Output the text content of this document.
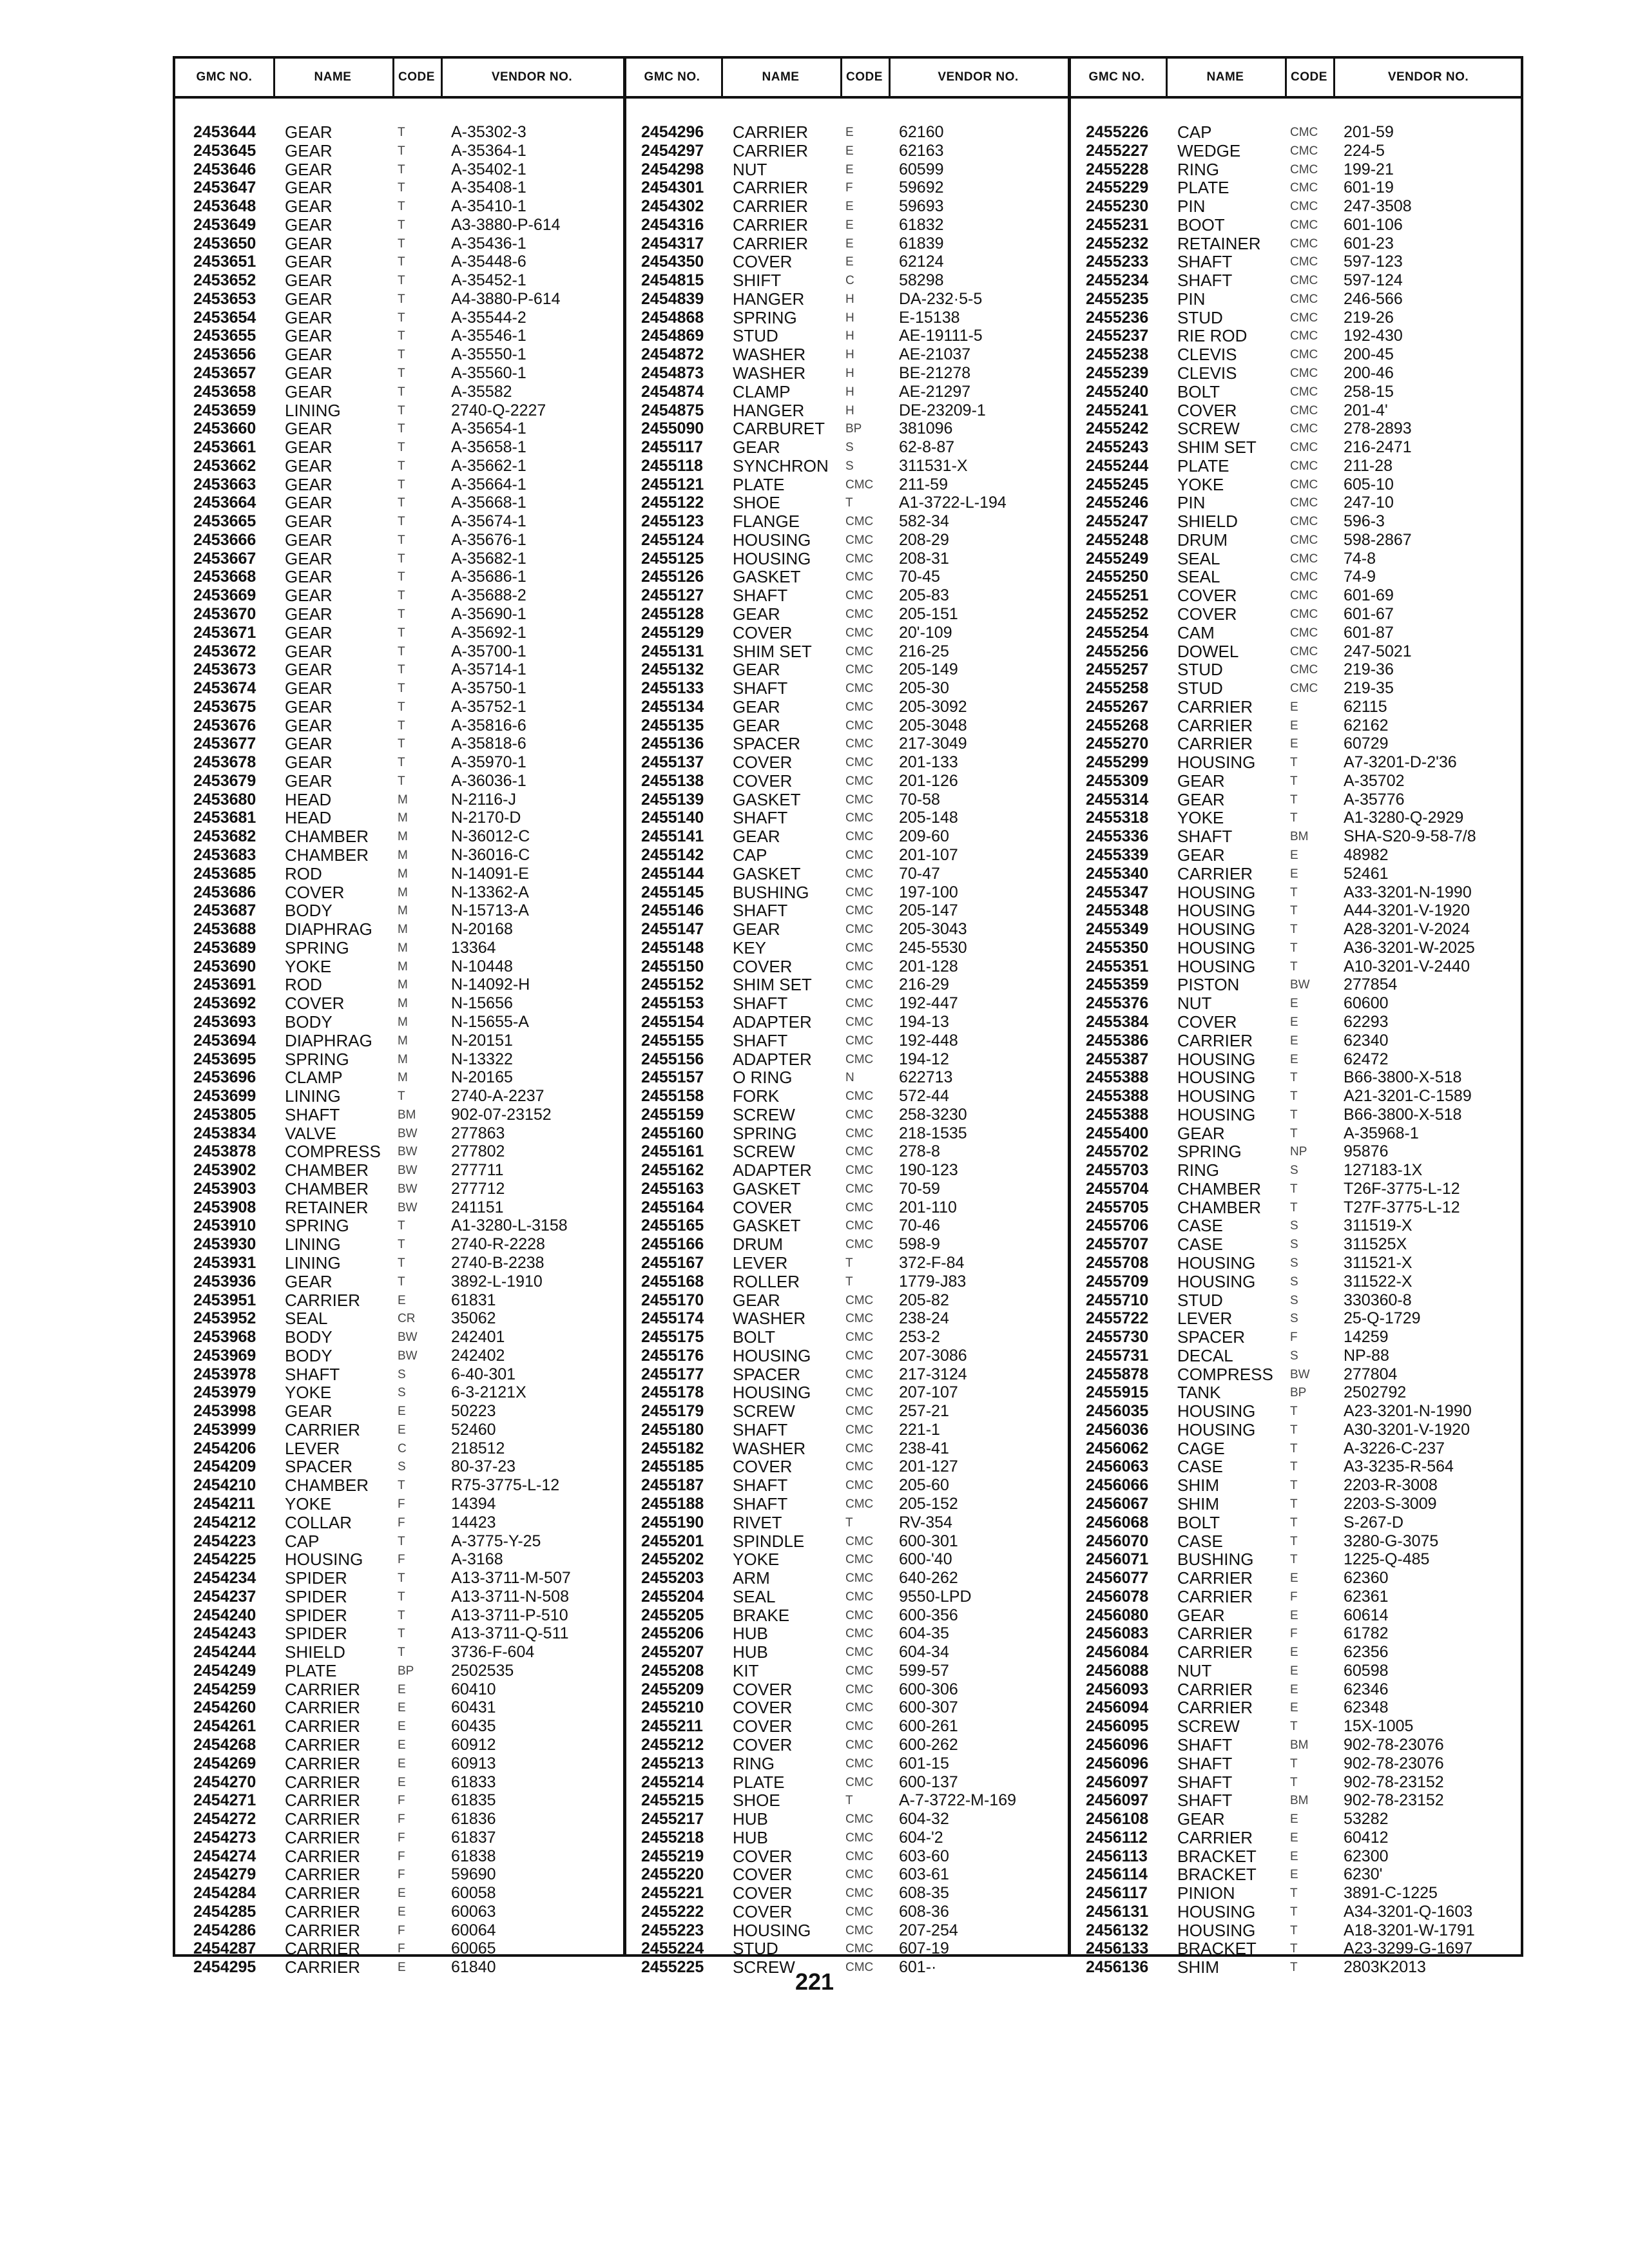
GMC NO.	NAME	CODE	VENDOR NO.	GMC NO.	NAME	CODE	VENDOR NO.	GMC NO.	NAME	CODE	VENDOR NO.
2453644 GEAR	T	A-35302-3
2453645 GEAR	T	A-35364-1
2453646 GEAR	T	A-35402-1
2453647 GEAR	T	A-35408-1
2453648 GEAR	T	A-35410-1
2453649 GEAR	T	A3-3880-P-614
2453650 GEAR	T	A-35436-1
2453651 GEAR	T	A-35448-6
2453652 GEAR	T	A-35452-1
2453653 GEAR	T	A4-3880-P-614
2453654 GEAR	T	A-35544-2
2453655 GEAR	T	A-35546-1
2453656 GEAR	T	A-35550-1
2453657 GEAR	T	A-35560-1
2453658 GEAR	T	A-35582
2453659 LINING	T	2740-Q-2227
2453660 GEAR	T	A-35654-1
2453661 GEAR	T	A-35658-1
2453662 GEAR	T	A-35662-1
2453663 GEAR	T	A-35664-1
2453664 GEAR	T	A-35668-1
2453665 GEAR	T	A-35674-1
2453666 GEAR	T	A-35676-1
2453667 GEAR	T	A-35682-1
2453668 GEAR	T	A-35686-1
2453669 GEAR	T	A-35688-2
2453670 GEAR	T	A-35690-1
2453671 GEAR	T	A-35692-1
2453672 GEAR	T	A-35700-1
2453673 GEAR	T	A-35714-1
2453674 GEAR	T	A-35750-1
2453675 GEAR	T	A-35752-1
2453676 GEAR	T	A-35816-6
2453677 GEAR	T	A-35818-6
2453678 GEAR	T	A-35970-1
2453679 GEAR	T	A-36036-1
2453680 HEAD	M	N-2116-J
2453681 HEAD	M	N-2170-D
2453682 CHAMBER M	N-36012-C
2453683 CHAMBER M	N-36016-C
2453685 ROD	M	N-14091-E
2453686 COVER	M	N-13362-A
2453687 BODY	M	N-15713-A
2453688 DIAPHRAG M	N-20168
2453689 SPRING	M	13364
2453690 YOKE	M	N-10448
2453691 ROD	M	N-14092-H
2453692 COVER	M	N-15656
2453693 BODY	M	N-15655-A
2453694 DIAPHRAG M	N-20151
2453695 SPRING	M	N-13322
2453696 CLAMP	M	N-20165
2453699 LINING	T	2740-A-2237
2453805 SHAFT	BM 902-07-23152
2453834 VALVE	BW 277863
2453878 COMPRESS BW 277802
2453902 CHAMBER BW 277711
2453903 CHAMBER BW 277712
2453908 RETAINER BW 241151
2453910 SPRING	T	A1-3280-L-3158
2453930 LINING	T	2740-R-2228
2453931 LINING	T	2740-B-2238
2453936 GEAR	T	3892-L-1910
2453951 CARRIER	E	61831
2453952 SEAL	CR 35062
2453968 BODY	BW 242401
2453969 BODY	BW 242402
2453978 SHAFT	S	6-40-301
2453979 YOKE	S	6-3-2121X
2453998 GEAR	E	50223
2453999 CARRIER	E	52460
2454206 LEVER	C	218512
2454209 SPACER	S	80-37-23
2454210 CHAMBER T	R75-3775-L-12
2454211 YOKE	F	14394
2454212 COLLAR	F	14423
2454223 CAP	T	A-3775-Y-25
2454225 HOUSING	F	A-3168
2454234 SPIDER	T	A13-3711-M-507
2454237 SPIDER	T	A13-3711-N-508
2454240 SPIDER	T	A13-3711-P-510
2454243 SPIDER	T	A13-3711-Q-511
2454244 SHIELD	T	3736-F-604
2454249 PLATE	BP 2502535
2454259 CARRIER	E	60410
2454260 CARRIER	E	60431
2454261 CARRIER	E	60435
2454268 CARRIER	E	60912
2454269 CARRIER	E	60913
2454270 CARRIER	E	61833
2454271 CARRIER	F	61835
2454272 CARRIER	F	61836
2454273 CARRIER	F	61837
2454274 CARRIER	F	61838
2454279 CARRIER	F	59690
2454284 CARRIER	E	60058
2454285 CARRIER	E	60063
2454286 CARRIER	F	60064
2454287 CARRIER	F	60065
2454295 CARRIER	E	61840
2454296 CARRIER	E	62160
2454297 CARRIER	E	62163
2454298 NUT	E	60599
2454301 CARRIER	F	59692
2454302 CARRIER	E	59693
2454316 CARRIER	E	61832
2454317 CARRIER	E	61839
2454350 COVER	E	62124
2454815 SHIFT	C	58298
2454839 HANGER	H	DA-232·5-5
2454868 SPRING	H	E-15138
2454869 STUD	H	AE-19111-5
2454872 WASHER	H	AE-21037
2454873 WASHER	H	BE-21278
2454874 CLAMP	H	AE-21297
2454875 HANGER	H	DE-23209-1
2455090 CARBURET BP 381096
2455117 GEAR	S	62-8-87
2455118 SYNCHRON S	311531-X
2455121 PLATE	CMC 211-59
2455122 SHOE	T	A1-3722-L-194
2455123 FLANGE	CMC 582-34
2455124 HOUSING	CMC 208-29
2455125 HOUSING	CMC 208-31
2455126 GASKET	CMC 70-45
2455127 SHAFT	CMC 205-83
2455128 GEAR	CMC 205-151
2455129 COVER	CMC 20'-109
2455131 SHIM SET	CMC 216-25
2455132 GEAR	CMC 205-149
2455133 SHAFT	CMC 205-30
2455134 GEAR	CMC 205-3092
2455135 GEAR	CMC 205-3048
2455136 SPACER	CMC 217-3049
2455137 COVER	CMC 201-133
2455138 COVER	CMC 201-126
2455139 GASKET	CMC 70-58
2455140 SHAFT	CMC 205-148
2455141 GEAR	CMC 209-60
2455142 CAP	CMC 201-107
2455144 GASKET	CMC 70-47
2455145 BUSHING	CMC 197-100
2455146 SHAFT	CMC 205-147
2455147 GEAR	CMC 205-3043
2455148 KEY	CMC 245-5530
2455150 COVER	CMC 201-128
2455152 SHIM SET	CMC 216-29
2455153 SHAFT	CMC 192-447
2455154 ADAPTER	CMC 194-13
2455155 SHAFT	CMC 192-448
2455156 ADAPTER	CMC 194-12
2455157 O RING	N	622713
2455158 FORK	CMC 572-44
2455159 SCREW	CMC 258-3230
2455160 SPRING	CMC 218-1535
2455161 SCREW	CMC 278-8
2455162 ADAPTER	CMC 190-123
2455163 GASKET	CMC 70-59
2455164 COVER	CMC 201-110
2455165 GASKET	CMC 70-46
2455166 DRUM	CMC 598-9
2455167 LEVER	T	372-F-84
2455168 ROLLER	T	1779-J83
2455170 GEAR	CMC 205-82
2455174 WASHER	CMC 238-24
2455175 BOLT	CMC 253-2
2455176 HOUSING	CMC 207-3086
2455177 SPACER	CMC 217-3124
2455178 HOUSING	CMC 207-107
2455179 SCREW	CMC 257-21
2455180 SHAFT	CMC 221-1
2455182 WASHER	CMC 238-41
2455185 COVER	CMC 201-127
2455187 SHAFT	CMC 205-60
2455188 SHAFT	CMC 205-152
2455190 RIVET	T	RV-354
2455201 SPINDLE	CMC 600-301
2455202 YOKE	CMC 600-'40
2455203 ARM	CMC 640-262
2455204 SEAL	CMC 9550-LPD
2455205 BRAKE	CMC 600-356
2455206 HUB	CMC 604-35
2455207 HUB	CMC 604-34
2455208 KIT	CMC 599-57
2455209 COVER	CMC 600-306
2455210 COVER	CMC 600-307
2455211 COVER	CMC 600-261
2455212 COVER	CMC 600-262
2455213 RING	CMC 601-15
2455214 PLATE	CMC 600-137
2455215 SHOE	T	A-7-3722-M-169
2455217 HUB	CMC 604-32
2455218 HUB	CMC 604-'2
2455219 COVER	CMC 603-60
2455220 COVER	CMC 603-61
2455221 COVER	CMC 608-35
2455222 COVER	CMC 608-36
2455223 HOUSING	CMC 207-254
2455224 STUD	CMC 607-19
2455225 SCREW	CMC 601-·
2455226 CAP	CMC 201-59
2455227 WEDGE	CMC 224-5
2455228 RING	CMC 199-21
2455229 PLATE	CMC 601-19
2455230 PIN	CMC 247-3508
2455231 BOOT	CMC 601-106
2455232 RETAINER CMC 601-23
2455233 SHAFT	CMC 597-123
2455234 SHAFT	CMC 597-124
2455235 PIN	CMC 246-566
2455236 STUD	CMC 219-26
2455237 RIE ROD	CMC 192-430
2455238 CLEVIS	CMC 200-45
2455239 CLEVIS	CMC 200-46
2455240 BOLT	CMC 258-15
2455241 COVER	CMC 201-4'
2455242 SCREW	CMC 278-2893
2455243 SHIM SET	CMC 216-2471
2455244 PLATE	CMC 211-28
2455245 YOKE	CMC 605-10
2455246 PIN	CMC 247-10
2455247 SHIELD	CMC 596-3
2455248 DRUM	CMC 598-2867
2455249 SEAL	CMC 74-8
2455250 SEAL	CMC 74-9
2455251 COVER	CMC 601-69
2455252 COVER	CMC 601-67
2455254 CAM	CMC 601-87
2455256 DOWEL	CMC 247-5021
2455257 STUD	CMC 219-36
2455258 STUD	CMC 219-35
2455267 CARRIER	E	62115
2455268 CARRIER	E	62162
2455270 CARRIER	E	60729
2455299 HOUSING	T	A7-3201-D-2'36
2455309 GEAR	T	A-35702
2455314 GEAR	T	A-35776
2455318 YOKE	T	A1-3280-Q-2929
2455336 SHAFT	BM SHA-S20-9-58-7/8
2455339 GEAR	E	48982
2455340 CARRIER	E	52461
2455347 HOUSING	T	A33-3201-N-1990
2455348 HOUSING	T	A44-3201-V-1920
2455349 HOUSING	T	A28-3201-V-2024
2455350 HOUSING	T	A36-3201-W-2025
2455351 HOUSING	T	A10-3201-V-2440
2455359 PISTON	BW 277854
2455376 NUT	E	60600
2455384 COVER	E	62293
2455386 CARRIER	E	62340
2455387 HOUSING	E	62472
2455388 HOUSING	T	B66-3800-X-518
2455388 HOUSING	T	A21-3201-C-1589
2455388 HOUSING	T	B66-3800-X-518
2455400 GEAR	T	A-35968-1
2455702 SPRING	NP 95876
2455703 RING	S	127183-1X
2455704 CHAMBER T	T26F-3775-L-12
2455705 CHAMBER T	T27F-3775-L-12
2455706 CASE	S	311519-X
2455707 CASE	S	311525X
2455708 HOUSING	S	311521-X
2455709 HOUSING	S	311522-X
2455710 STUD	S	330360-8
2455722 LEVER	S	25-Q-1729
2455730 SPACER	F	14259
2455731 DECAL	S	NP-88
2455878 COMPRESS BW 277804
2455915 TANK	BP 2502792
2456035 HOUSING	T	A23-3201-N-1990
2456036 HOUSING	T	A30-3201-V-1920
2456062 CAGE	T	A-3226-C-237
2456063 CASE	T	A3-3235-R-564
2456066 SHIM	T	2203-R-3008
2456067 SHIM	T	2203-S-3009
2456068 BOLT	T	S-267-D
2456070 CASE	T	3280-G-3075
2456071 BUSHING	T	1225-Q-485
2456077 CARRIER	E	62360
2456078 CARRIER	F	62361
2456080 GEAR	E	60614
2456083 CARRIER	F	61782
2456084 CARRIER	E	62356
2456088 NUT	E	60598
2456093 CARRIER	E	62346
2456094 CARRIER	E	62348
2456095 SCREW	T	15X-1005
2456096 SHAFT	BM 902-78-23076
2456096 SHAFT	T	902-78-23076
2456097 SHAFT	T	902-78-23152
2456097 SHAFT	BM 902-78-23152
2456108 GEAR	E	53282
2456112 CARRIER	E	60412
2456113 BRACKET	E	62300
2456114 BRACKET	E	6230'
2456117 PINION	T	3891-C-1225
2456131 HOUSING	T	A34-3201-Q-1603
2456132 HOUSING	T	A18-3201-W-1791
2456133 BRACKET	T	A23-3299-G-1697
2456136 SHIM	T	2803K2013
221
